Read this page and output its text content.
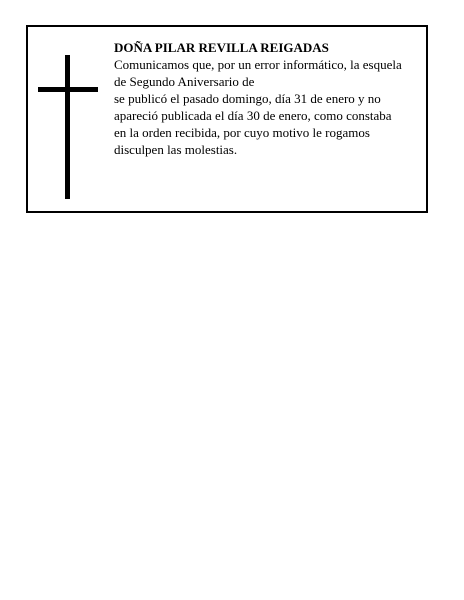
DOÑA PILAR REVILLA REIGADAS
Comunicamos que, por un error informático, la esquela
de Segundo Aniversario de
se publicó el pasado domingo, día 31 de enero y no
apareció publicada el día 30 de enero, como constaba
en la orden recibida, por cuyo motivo le rogamos
disculpen las molestias.
